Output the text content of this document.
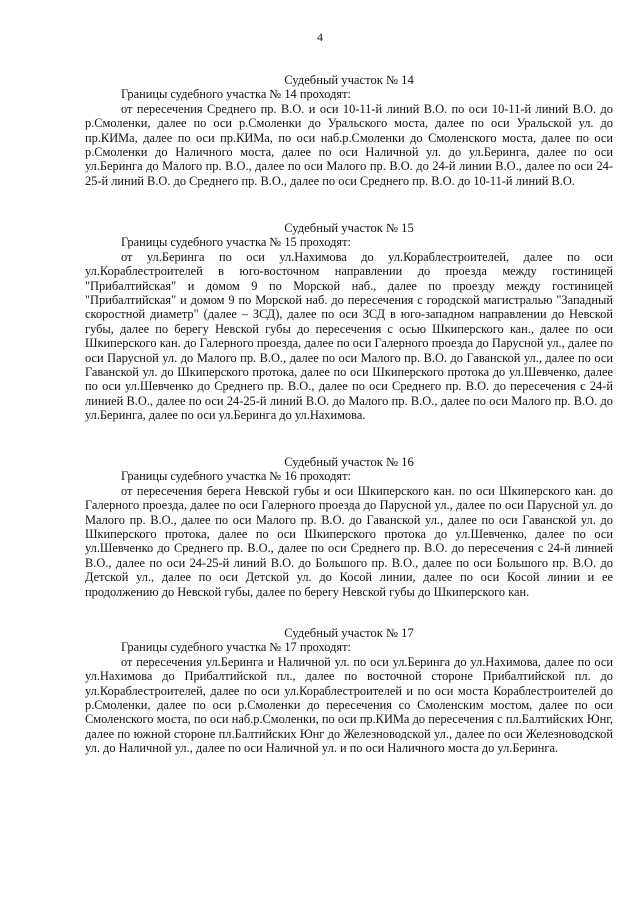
4

Судебный участок № 14

Границы судебного участка № 14 проходят:

от пересечения Среднего пр. В.О. и оси 10-11-й линий В.О. по оси 10-11-й линий В.О. до р.Смоленки, далее по оси р.Смоленки до Уральского моста, далее по оси Уральской ул. до пр.КИМа, далее по оси пр.КИМа, по оси наб.р.Смоленки до Смоленского моста, далее по оси р.Смоленки до Наличного моста, далее по оси Наличной ул. до ул.Беринга, далее по оси ул.Беринга до Малого пр. В.О., далее по оси Малого пр. В.О. до 24-й линии В.О., далее по оси 24-25-й линий В.О. до Среднего пр. В.О., далее по оси Среднего пр. В.О. до 10-11-й линий В.О.

Судебный участок № 15

Границы судебного участка № 15 проходят:

от ул.Беринга по оси ул.Нахимова до ул.Кораблестроителей, далее по оси ул.Кораблестроителей в юго-восточном направлении до проезда между гостиницей "Прибалтийская" и домом 9 по Морской наб., далее по проезду между гостиницей "Прибалтийская" и домом 9 по Морской наб. до пересечения с городской магистралью "Западный скоростной диаметр" (далее – ЗСД), далее по оси ЗСД в юго-западном направлении до Невской губы, далее по берегу Невской губы до пересечения с осью Шкиперского кан., далее по оси Шкиперского кан. до Галерного проезда, далее по оси Галерного проезда до Парусной ул., далее по оси Парусной ул. до Малого пр. В.О., далее по оси Малого пр. В.О. до Гаванской ул., далее по оси Гаванской ул. до Шкиперского протока, далее по оси Шкиперского протока до ул.Шевченко, далее по оси ул.Шевченко до Среднего пр. В.О., далее по оси Среднего пр. В.О. до пересечения с 24-й линией В.О., далее по оси 24-25-й линий В.О. до Малого пр. В.О., далее по оси Малого пр. В.О. до ул.Беринга, далее по оси ул.Беринга до ул.Нахимова.

Судебный участок № 16

Границы судебного участка № 16 проходят:

от пересечения берега Невской губы и оси Шкиперского кан. по оси Шкиперского кан. до Галерного проезда, далее по оси Галерного проезда до Парусной ул., далее по оси Парусной ул. до Малого пр. В.О., далее по оси Малого пр. В.О. до Гаванской ул., далее по оси Гаванской ул. до Шкиперского протока, далее по оси Шкиперского протока до ул.Шевченко, далее по оси ул.Шевченко до Среднего пр. В.О., далее по оси Среднего пр. В.О. до пересечения с 24-й линией В.О., далее по оси 24-25-й линий В.О. до Большого пр. В.О., далее по оси Большого пр. В.О. до Детской ул., далее по оси Детской ул. до Косой линии, далее по оси Косой линии и ее продолжению до Невской губы, далее по берегу Невской губы до Шкиперского кан.

Судебный участок № 17

Границы судебного участка № 17 проходят:

от пересечения ул.Беринга и Наличной ул. по оси ул.Беринга до ул.Нахимова, далее по оси ул.Нахимова до Прибалтийской пл., далее по восточной стороне Прибалтийской пл. до ул.Кораблестроителей, далее по оси ул.Кораблестроителей и по оси моста Кораблестроителей до р.Смоленки, далее по оси р.Смоленки до пересечения со Смоленским мостом, далее по оси Смоленского моста, по оси наб.р.Смоленки, по оси пр.КИМа до пересечения с пл.Балтийских Юнг, далее по южной стороне пл.Балтийских Юнг до Железноводской ул., далее по оси Железноводской ул. до Наличной ул., далее по оси Наличной ул. и по оси Наличного моста до ул.Беринга.
